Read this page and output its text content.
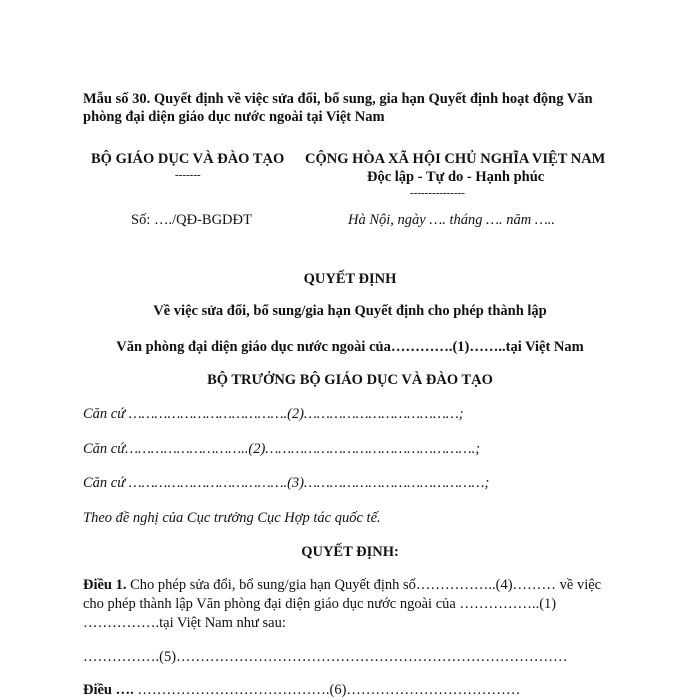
Mẫu số 30. Quyết định về việc sửa đổi, bổ sung, gia hạn Quyết định hoạt động Văn
phòng đại diện giáo dục nước ngoài tại Việt Nam
BỘ GIÁO DỤC VÀ ĐÀO TẠO
-------
CỘNG HÒA XÃ HỘI CHỦ NGHĨA VIỆT NAM
Độc lập - Tự do - Hạnh phúc
---------------
Số: …./QĐ-BGDĐT	Hà Nội, ngày …. tháng …. năm …..
QUYẾT ĐỊNH
Về việc sửa đổi, bổ sung/gia hạn Quyết định cho phép thành lập
Văn phòng đại diện giáo dục nước ngoài của………….(1)……..tại Việt Nam
BỘ TRƯỞNG BỘ GIÁO DỤC VÀ ĐÀO TẠO
Căn cứ ……………………………….(2)………………………………;
Căn cứ………………………..(2)………………………………………….;
Căn cứ ……………………………….(3)……………………………………;
Theo đề nghị của Cục trưởng Cục Hợp tác quốc tế.
QUYẾT ĐỊNH:
Điều 1. Cho phép sửa đổi, bổ sung/gia hạn Quyết định số……………..(4)……… về việc
cho phép thành lập Văn phòng đại diện giáo dục nước ngoài của ……………..(1)
…………….tại Việt Nam như sau:
…………….(5)………………………………………………………………………
Điều …. ………………………………….(6)………………………………
